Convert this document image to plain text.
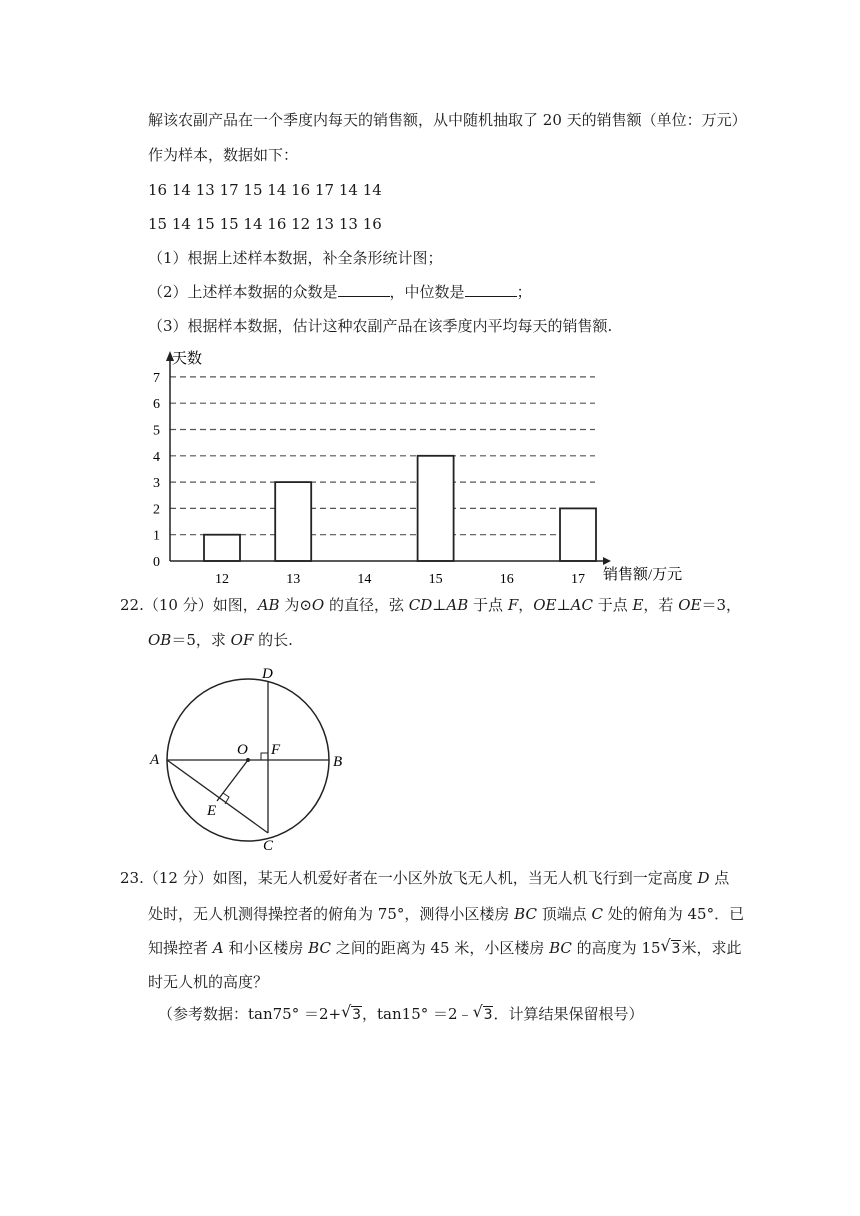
解该农副产品在一个季度内每天的销售额，从中随机抽取了 20 天的销售额（单位：万元）
作为样本，数据如下：
16 14 13 17 15 14 16 17 14 14
15 14 15 15 14 16 12 13 13 16
（1）根据上述样本数据，补全条形统计图；
（2）上述样本数据的众数是	，中位数是	；
（3）根据样本数据，估计这种农副产品在该季度内平均每天的销售额.
0
1
2
3
4
5
6
7
12	13	14	15	16	17
天数
销售额/万元
22.（10 分）如图，AB 为⊙O 的直径，弦 CD⊥AB 于点 F，OE⊥AC 于点 E，若 OE＝3，
OB＝5，求 OF 的长.
A	B
C
D
E
O F
23.（12 分）如图，某无人机爱好者在一小区外放飞无人机，当无人机飞行到一定高度 D 点
处时，无人机测得操控者的俯角为 75°，测得小区楼房 BC 顶端点 C 处的俯角为 45°．已
知操控者 A 和小区楼房 BC 之间的距离为 45 米，小区楼房 BC 的高度为 15 √ 3米，求此
时无人机的高度？
（参考数据：tan75° ＝2+ √ 3，tan15° ＝2﹣ √ 3．计算结果保留根号）
